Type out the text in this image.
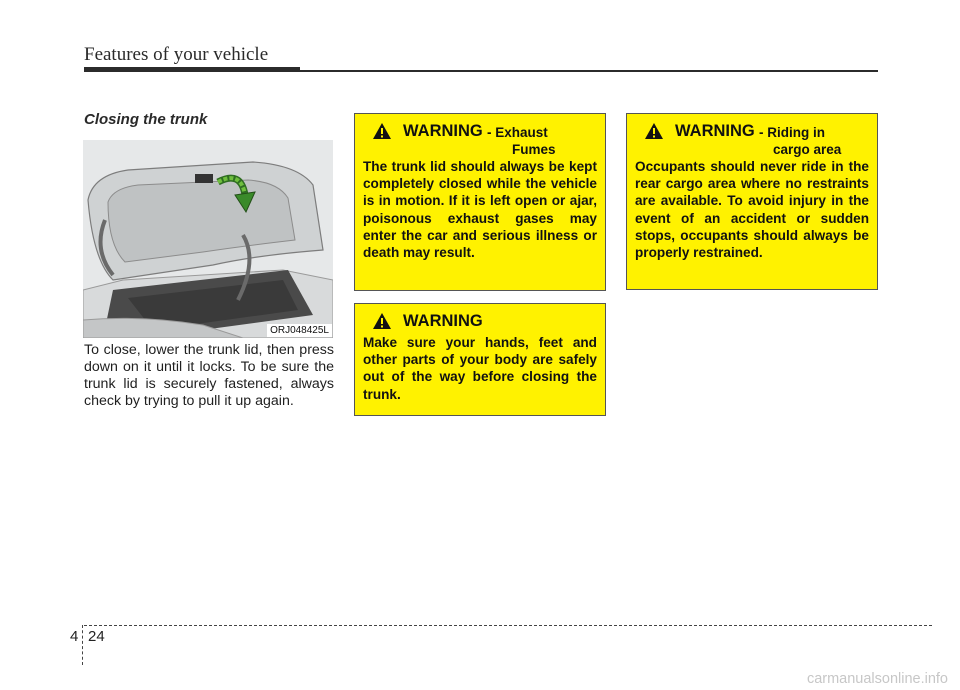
Features of your vehicle
Closing the trunk
ORJ048425L
To close, lower the trunk lid, then press down on it until it locks. To be sure the trunk lid is securely fastened, always check by trying to pull it up again.
WARNING - Exhaust
Fumes
The trunk lid should always be kept completely closed while the vehicle is in motion. If it is left open or ajar, poisonous exhaust gases may enter the car and serious illness or death may result.
WARNING
Make sure your hands, feet and other parts of your body are safely out of the way before closing the trunk.
WARNING - Riding in
cargo area
Occupants should never ride in the rear cargo area where no restraints are available. To avoid injury in the event of an accident or sudden stops, occupants should always be properly restrained.
4 24
carmanualsonline.info
